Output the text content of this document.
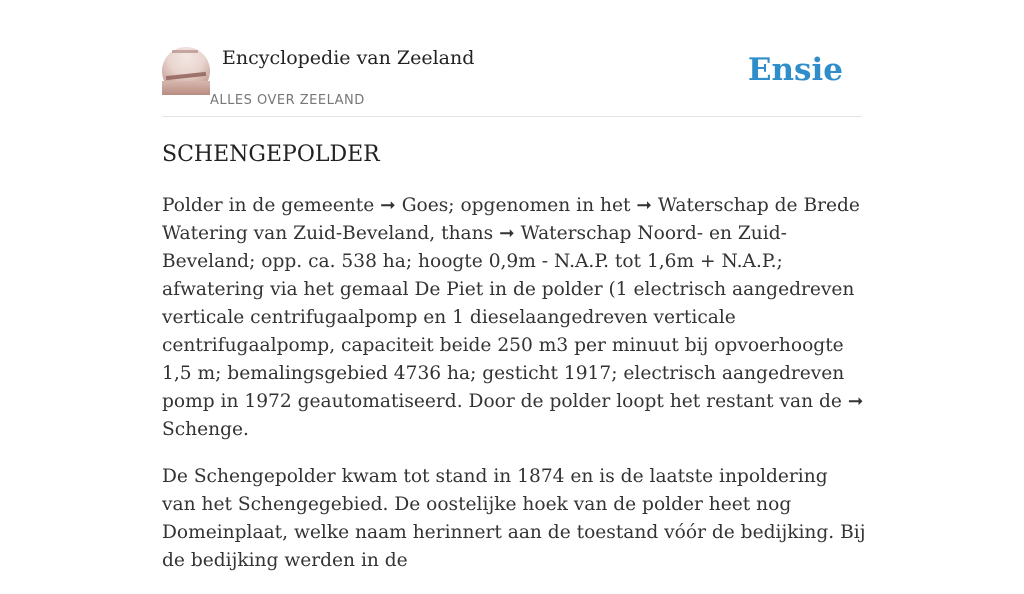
Encyclopedie van Zeeland
ALLES OVER ZEELAND
Ensie
SCHENGEPOLDER

Polder in de gemeente ➞ Goes; opgenomen in het ➞ Waterschap de Brede Watering van Zuid-Beveland, thans ➞ Waterschap Noord- en Zuid-Beveland; opp. ca. 538 ha; hoogte 0,9m - N.A.P. tot 1,6m + N.A.P.; afwatering via het gemaal De Piet in de polder (1 electrisch aangedreven verticale centrifugaalpomp en 1 dieselaangedreven verticale centrifugaalpomp, capaciteit beide 250 m3 per minuut bij opvoerhoogte 1,5 m; bemalingsgebied 4736 ha; gesticht 1917; electrisch aangedreven pomp in 1972 geautomatiseerd. Door de polder loopt het restant van de ➞ Schenge.

De Schengepolder kwam tot stand in 1874 en is de laatste inpoldering van het Schengegebied. De oostelijke hoek van de polder heet nog Domeinplaat, welke naam herinnert aan de toestand vóór de bedijking. Bij de bedijking werden in de
